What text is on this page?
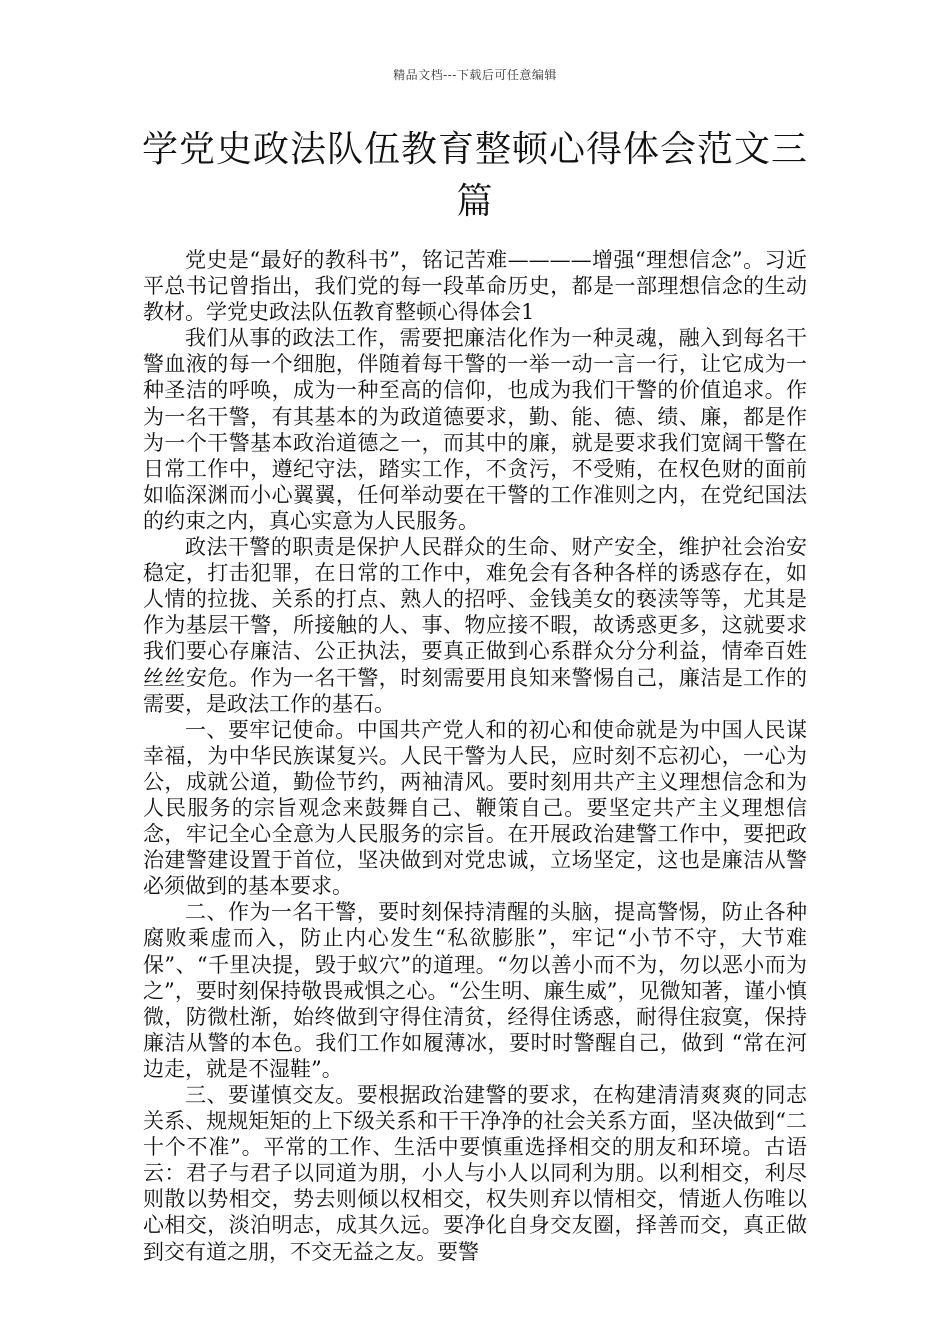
精品文档---下载后可任意编辑
学党史政法队伍教育整顿心得体会范文三篇

党史是“最好的教科书”，铭记苦难————增强“理想信念”。习近平总书记曾指出，我们党的每一段革命历史，都是一部理想信念的生动教材。学党史政法队伍教育整顿心得体会1

我们从事的政法工作，需要把廉洁化作为一种灵魂，融入到每名干警血液的每一个细胞，伴随着每干警的一举一动一言一行，让它成为一种圣洁的呼唤，成为一种至高的信仰，也成为我们干警的价值追求。作为一名干警，有其基本的为政道德要求，勤、能、德、绩、廉，都是作为一个干警基本政治道德之一，而其中的廉，就是要求我们宽阔干警在日常工作中，遵纪守法，踏实工作，不贪污，不受贿，在权色财的面前如临深渊而小心翼翼，任何举动要在干警的工作准则之内，在党纪国法的约束之内，真心实意为人民服务。

政法干警的职责是保护人民群众的生命、财产安全，维护社会治安稳定，打击犯罪，在日常的工作中，难免会有各种各样的诱惑存在，如人情的拉拢、关系的打点、熟人的招呼、金钱美女的亵渎等等，尤其是作为基层干警，所接触的人、事、物应接不暇，故诱惑更多，这就要求我们要心存廉洁、公正执法，要真正做到心系群众分分利益，情牵百姓丝丝安危。作为一名干警，时刻需要用良知来警惕自己，廉洁是工作的需要，是政法工作的基石。

一、要牢记使命。中国共产党人和的初心和使命就是为中国人民谋幸福，为中华民族谋复兴。人民干警为人民，应时刻不忘初心，一心为公，成就公道，勤俭节约，两袖清风。要时刻用共产主义理想信念和为人民服务的宗旨观念来鼓舞自己、鞭策自己。要坚定共产主义理想信念，牢记全心全意为人民服务的宗旨。在开展政治建警工作中，要把政治建警建设置于首位，坚决做到对党忠诚，立场坚定，这也是廉洁从警必须做到的基本要求。

二、作为一名干警，要时刻保持清醒的头脑，提高警惕，防止各种腐败乘虚而入，防止内心发生“私欲膨胀”，牢记“小节不守，大节难保”、“千里决提，毁于蚁穴”的道理。“勿以善小而不为，勿以恶小而为之”，要时刻保持敬畏戒惧之心。“公生明、廉生威”，见微知著，谨小慎微，防微杜渐，始终做到守得住清贫，经得住诱惑，耐得住寂寞，保持廉洁从警的本色。我们工作如履薄冰，要时时警醒自己，做到 “常在河边走，就是不湿鞋”。

三、要谨慎交友。要根据政治建警的要求，在构建清清爽爽的同志关系、规规矩矩的上下级关系和干干净净的社会关系方面，坚决做到“二十个不准”。平常的工作、生活中要慎重选择相交的朋友和环境。古语云：君子与君子以同道为朋，小人与小人以同利为朋。以利相交，利尽则散以势相交，势去则倾以权相交，权失则弃以情相交，情逝人伤唯以心相交，淡泊明志，成其久远。要净化自身交友圈，择善而交，真正做到交有道之朋，不交无益之友。要警
